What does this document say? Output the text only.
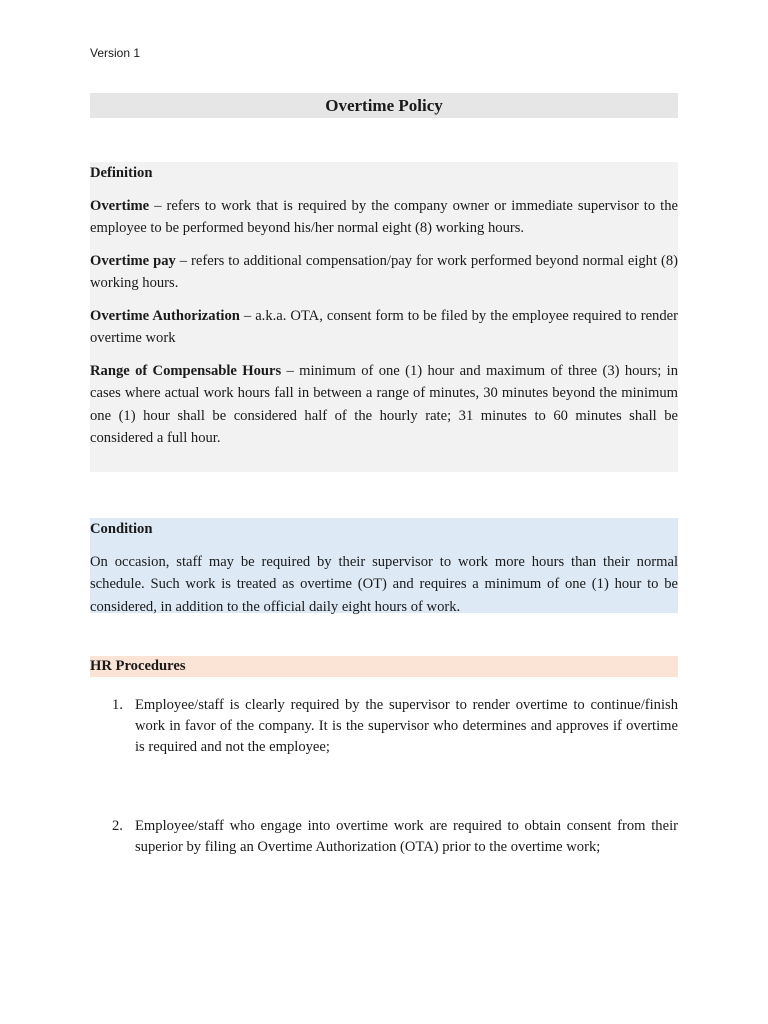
Version 1
Overtime Policy
Definition

Overtime – refers to work that is required by the company owner or immediate supervisor to the employee to be performed beyond his/her normal eight (8) working hours.

Overtime pay – refers to additional compensation/pay for work performed beyond normal eight (8) working hours.

Overtime Authorization – a.k.a. OTA, consent form to be filed by the employee required to render overtime work

Range of Compensable Hours – minimum of one (1) hour and maximum of three (3) hours; in cases where actual work hours fall in between a range of minutes, 30 minutes beyond the minimum one (1) hour shall be considered half of the hourly rate; 31 minutes to 60 minutes shall be considered a full hour.

Condition

On occasion, staff may be required by their supervisor to work more hours than their normal schedule. Such work is treated as overtime (OT) and requires a minimum of one (1) hour to be considered, in addition to the official daily eight hours of work.

HR Procedures
1. Employee/staff is clearly required by the supervisor to render overtime to continue/finish work in favor of the company. It is the supervisor who determines and approves if overtime is required and not the employee;
2. Employee/staff who engage into overtime work are required to obtain consent from their superior by filing an Overtime Authorization (OTA) prior to the overtime work;
